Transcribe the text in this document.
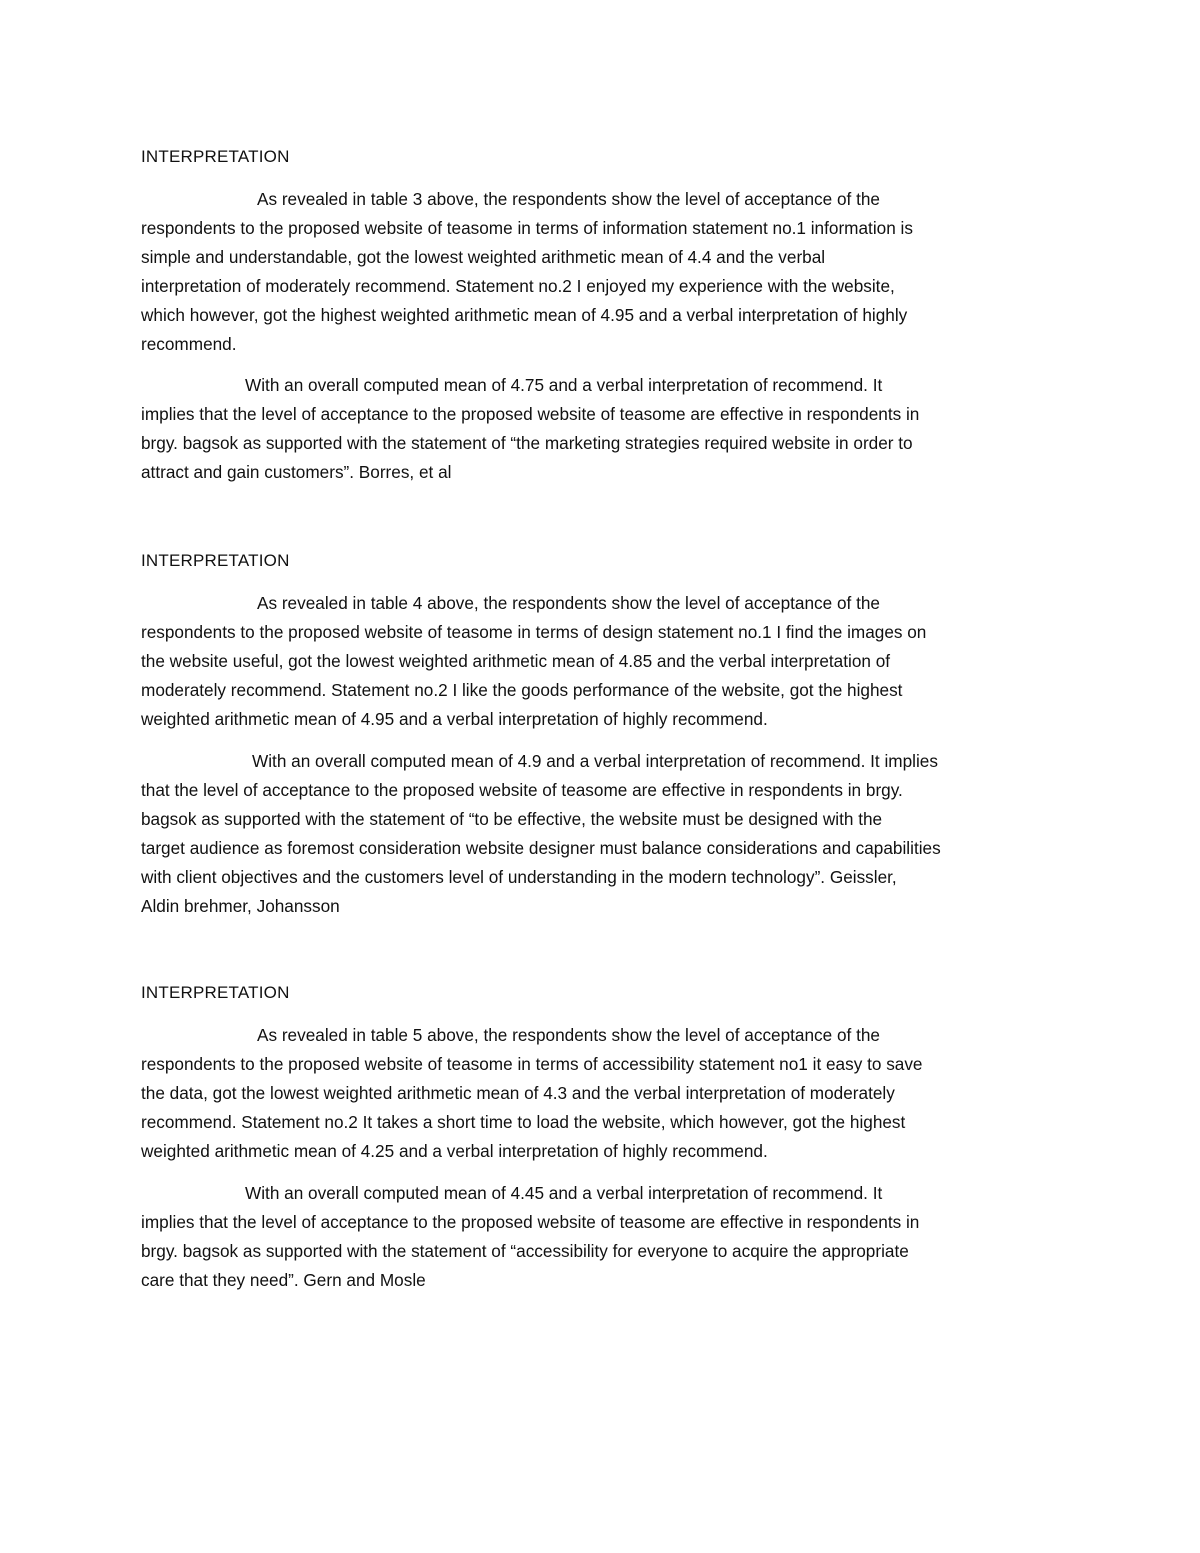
INTERPRETATION

As revealed in table 3 above, the respondents show the level of acceptance of the
respondents to the proposed website of teasome in terms of information statement no.1 information is
simple and understandable, got the lowest weighted arithmetic mean of 4.4 and the verbal
interpretation of moderately recommend. Statement no.2 I enjoyed my experience with the website,
which however, got the highest weighted arithmetic mean of 4.95 and a verbal interpretation of highly
recommend.

With an overall computed mean of 4.75 and a verbal interpretation of recommend. It
implies that the level of acceptance to the proposed website of teasome are effective in respondents in
brgy. bagsok as supported with the statement of “the marketing strategies required website in order to
attract and gain customers”. Borres, et al

INTERPRETATION

As revealed in table 4 above, the respondents show the level of acceptance of the
respondents to the proposed website of teasome in terms of design statement no.1 I find the images on
the website useful, got the lowest weighted arithmetic mean of 4.85 and the verbal interpretation of
moderately recommend. Statement no.2 I like the goods performance of the website, got the highest
weighted arithmetic mean of 4.95 and a verbal interpretation of highly recommend.

With an overall computed mean of 4.9 and a verbal interpretation of recommend. It implies
that the level of acceptance to the proposed website of teasome are effective in respondents in brgy.
bagsok as supported with the statement of “to be effective, the website must be designed with the
target audience as foremost consideration website designer must balance considerations and capabilities
with client objectives and the customers level of understanding in the modern technology”. Geissler,
Aldin brehmer, Johansson

INTERPRETATION

As revealed in table 5 above, the respondents show the level of acceptance of the
respondents to the proposed website of teasome in terms of accessibility statement no1 it easy to save
the data, got the lowest weighted arithmetic mean of 4.3 and the verbal interpretation of moderately
recommend. Statement no.2 It takes a short time to load the website, which however, got the highest
weighted arithmetic mean of 4.25 and a verbal interpretation of highly recommend.

With an overall computed mean of 4.45 and a verbal interpretation of recommend. It
implies that the level of acceptance to the proposed website of teasome are effective in respondents in
brgy. bagsok as supported with the statement of “accessibility for everyone to acquire the appropriate
care that they need”. Gern and Mosle
